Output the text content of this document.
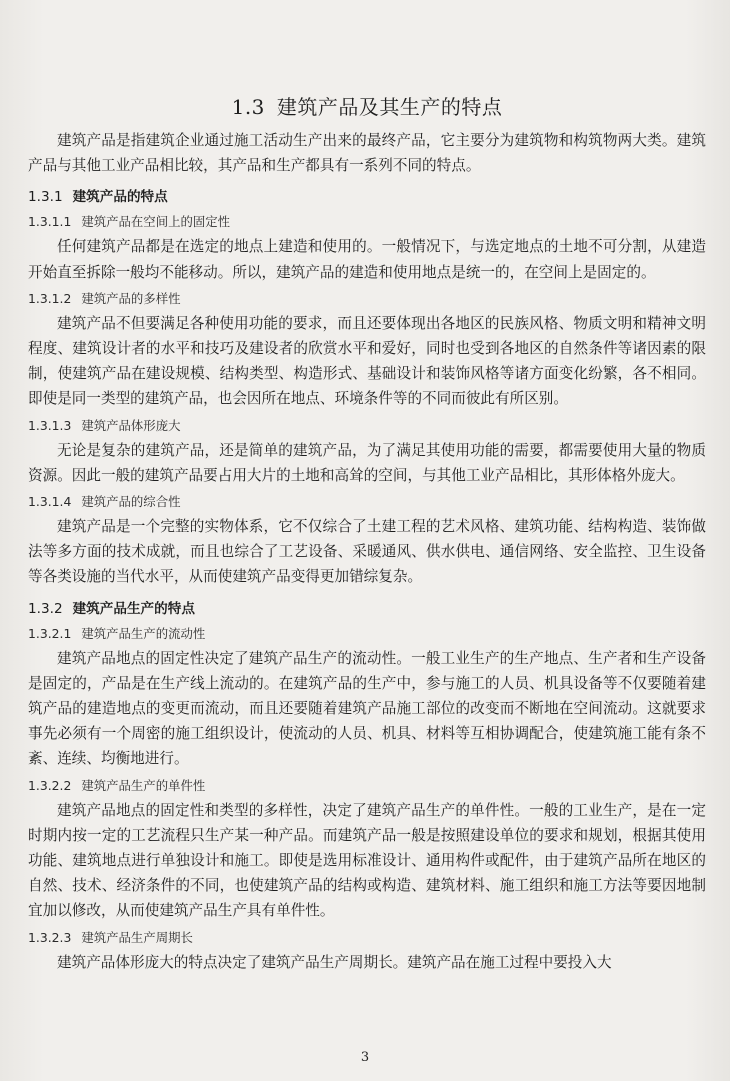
1.3 建筑产品及其生产的特点

建筑产品是指建筑企业通过施工活动生产出来的最终产品，它主要分为建筑物和构筑物两大类。建筑产品与其他工业产品相比较，其产品和生产都具有一系列不同的特点。

1.3.1 建筑产品的特点
1.3.1.1 建筑产品在空间上的固定性

任何建筑产品都是在选定的地点上建造和使用的。一般情况下，与选定地点的土地不可分割，从建造开始直至拆除一般均不能移动。所以，建筑产品的建造和使用地点是统一的，在空间上是固定的。

1.3.1.2 建筑产品的多样性

建筑产品不但要满足各种使用功能的要求，而且还要体现出各地区的民族风格、物质文明和精神文明程度、建筑设计者的水平和技巧及建设者的欣赏水平和爱好，同时也受到各地区的自然条件等诸因素的限制，使建筑产品在建设规模、结构类型、构造形式、基础设计和装饰风格等诸方面变化纷繁，各不相同。即使是同一类型的建筑产品，也会因所在地点、环境条件等的不同而彼此有所区别。

1.3.1.3 建筑产品体形庞大

无论是复杂的建筑产品，还是简单的建筑产品，为了满足其使用功能的需要，都需要使用大量的物质资源。因此一般的建筑产品要占用大片的土地和高耸的空间，与其他工业产品相比，其形体格外庞大。

1.3.1.4 建筑产品的综合性

建筑产品是一个完整的实物体系，它不仅综合了土建工程的艺术风格、建筑功能、结构构造、装饰做法等多方面的技术成就，而且也综合了工艺设备、采暖通风、供水供电、通信网络、安全监控、卫生设备等各类设施的当代水平，从而使建筑产品变得更加错综复杂。

1.3.2 建筑产品生产的特点
1.3.2.1 建筑产品生产的流动性

建筑产品地点的固定性决定了建筑产品生产的流动性。一般工业生产的生产地点、生产者和生产设备是固定的，产品是在生产线上流动的。在建筑产品的生产中，参与施工的人员、机具设备等不仅要随着建筑产品的建造地点的变更而流动，而且还要随着建筑产品施工部位的改变而不断地在空间流动。这就要求事先必须有一个周密的施工组织设计，使流动的人员、机具、材料等互相协调配合，使建筑施工能有条不紊、连续、均衡地进行。

1.3.2.2 建筑产品生产的单件性

建筑产品地点的固定性和类型的多样性，决定了建筑产品生产的单件性。一般的工业生产，是在一定时期内按一定的工艺流程只生产某一种产品。而建筑产品一般是按照建设单位的要求和规划，根据其使用功能、建筑地点进行单独设计和施工。即使是选用标准设计、通用构件或配件，由于建筑产品所在地区的自然、技术、经济条件的不同，也使建筑产品的结构或构造、建筑材料、施工组织和施工方法等要因地制宜加以修改，从而使建筑产品生产具有单件性。

1.3.2.3 建筑产品生产周期长

建筑产品体形庞大的特点决定了建筑产品生产周期长。建筑产品在施工过程中要投入大

3
